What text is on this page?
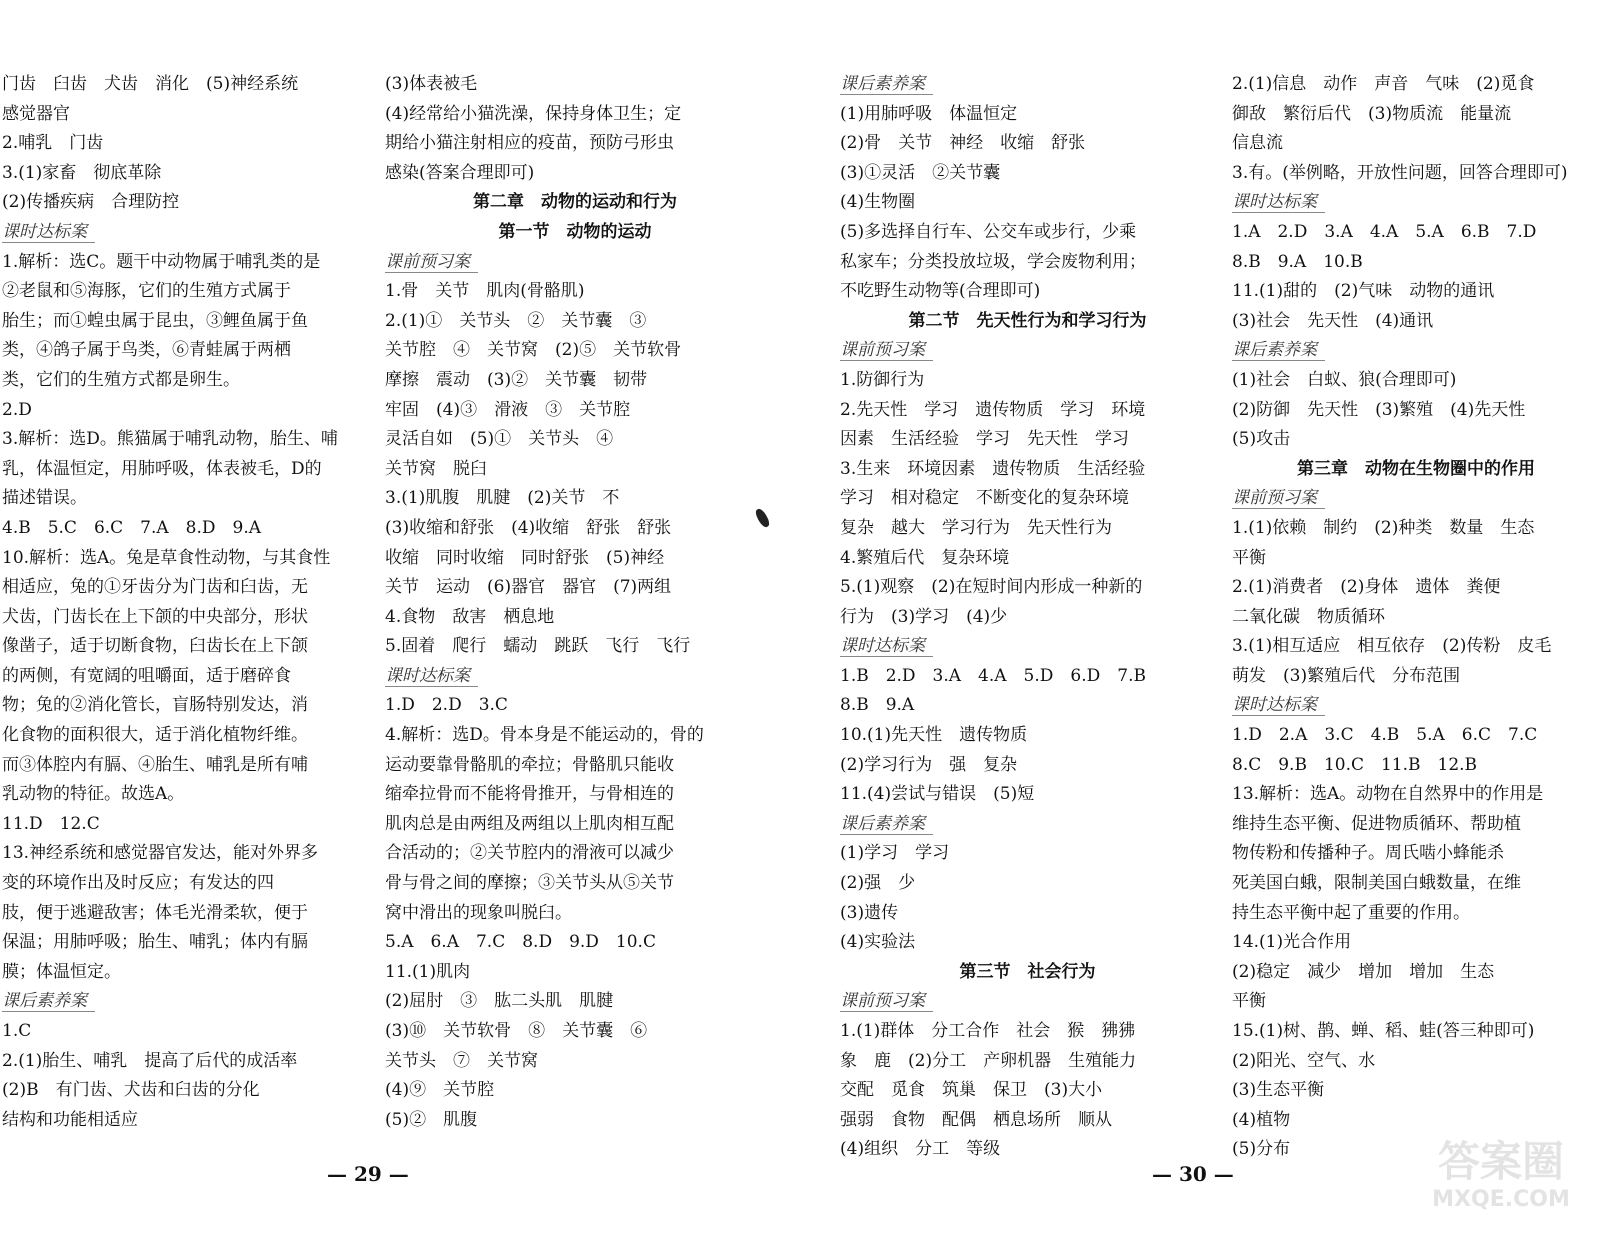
门齿　臼齿　犬齿　消化　(5)神经系统

感觉器官

2.哺乳　门齿

3.(1)家畜　彻底革除

(2)传播疾病　合理防控

课时达标案

1.解析：选C。题干中动物属于哺乳类的是

②老鼠和⑤海豚，它们的生殖方式属于

胎生；而①蝗虫属于昆虫，③鲤鱼属于鱼

类，④鸽子属于鸟类，⑥青蛙属于两栖

类，它们的生殖方式都是卵生。

2.D

3.解析：选D。熊猫属于哺乳动物，胎生、哺

乳，体温恒定，用肺呼吸，体表被毛，D的

描述错误。

4.B　5.C　6.C　7.A　8.D　9.A

10.解析：选A。兔是草食性动物，与其食性

相适应，兔的①牙齿分为门齿和臼齿，无

犬齿，门齿长在上下颌的中央部分，形状

像凿子，适于切断食物，臼齿长在上下颌

的两侧，有宽阔的咀嚼面，适于磨碎食

物；兔的②消化管长，盲肠特别发达，消

化食物的面积很大，适于消化植物纤维。

而③体腔内有膈、④胎生、哺乳是所有哺

乳动物的特征。故选A。

11.D　12.C

13.神经系统和感觉器官发达，能对外界多

变的环境作出及时反应；有发达的四

肢，便于逃避敌害；体毛光滑柔软，便于

保温；用肺呼吸；胎生、哺乳；体内有膈

膜；体温恒定。

课后素养案

1.C

2.(1)胎生、哺乳　提高了后代的成活率

(2)B　有门齿、犬齿和臼齿的分化

结构和功能相适应

(3)体表被毛

(4)经常给小猫洗澡，保持身体卫生；定

期给小猫注射相应的疫苗，预防弓形虫

感染(答案合理即可)

第二章　动物的运动和行为

第一节　动物的运动

课前预习案

1.骨　关节　肌肉(骨骼肌)

2.(1)①　关节头　②　关节囊　③

关节腔　④　关节窝　(2)⑤　关节软骨

摩擦　震动　(3)②　关节囊　韧带

牢固　(4)③　滑液　③　关节腔

灵活自如　(5)①　关节头　④

关节窝　脱臼

3.(1)肌腹　肌腱　(2)关节　不

(3)收缩和舒张　(4)收缩　舒张　舒张

收缩　同时收缩　同时舒张　(5)神经

关节　运动　(6)器官　器官　(7)两组

4.食物　敌害　栖息地

5.固着　爬行　蠕动　跳跃　飞行　飞行

课时达标案

1.D　2.D　3.C

4.解析：选D。骨本身是不能运动的，骨的

运动要靠骨骼肌的牵拉；骨骼肌只能收

缩牵拉骨而不能将骨推开，与骨相连的

肌肉总是由两组及两组以上肌肉相互配

合活动的；②关节腔内的滑液可以减少

骨与骨之间的摩擦；③关节头从⑤关节

窝中滑出的现象叫脱臼。

5.A　6.A　7.C　8.D　9.D　10.C

11.(1)肌肉

(2)屈肘　③　肱二头肌　肌腱

(3)⑩　关节软骨　⑧　关节囊　⑥

关节头　⑦　关节窝

(4)⑨　关节腔

(5)②　肌腹

课后素养案

(1)用肺呼吸　体温恒定

(2)骨　关节　神经　收缩　舒张

(3)①灵活　②关节囊

(4)生物圈

(5)多选择自行车、公交车或步行，少乘

私家车；分类投放垃圾，学会废物利用；

不吃野生动物等(合理即可)

第二节　先天性行为和学习行为

课前预习案

1.防御行为

2.先天性　学习　遗传物质　学习　环境

因素　生活经验　学习　先天性　学习

3.生来　环境因素　遗传物质　生活经验

学习　相对稳定　不断变化的复杂环境

复杂　越大　学习行为　先天性行为

4.繁殖后代　复杂环境

5.(1)观察　(2)在短时间内形成一种新的

行为　(3)学习　(4)少

课时达标案

1.B　2.D　3.A　4.A　5.D　6.D　7.B

8.B　9.A

10.(1)先天性　遗传物质

(2)学习行为　强　复杂

11.(4)尝试与错误　(5)短

课后素养案

(1)学习　学习

(2)强　少

(3)遗传

(4)实验法

第三节　社会行为

课前预习案

1.(1)群体　分工合作　社会　猴　狒狒

象　鹿　(2)分工　产卵机器　生殖能力

交配　觅食　筑巢　保卫　(3)大小

强弱　食物　配偶　栖息场所　顺从

(4)组织　分工　等级

2.(1)信息　动作　声音　气味　(2)觅食

御敌　繁衍后代　(3)物质流　能量流

信息流

3.有。(举例略，开放性问题，回答合理即可)

课时达标案

1.A　2.D　3.A　4.A　5.A　6.B　7.D

8.B　9.A　10.B

11.(1)甜的　(2)气味　动物的通讯

(3)社会　先天性　(4)通讯

课后素养案

(1)社会　白蚁、狼(合理即可)

(2)防御　先天性　(3)繁殖　(4)先天性

(5)攻击

第三章　动物在生物圈中的作用

课前预习案

1.(1)依赖　制约　(2)种类　数量　生态

平衡

2.(1)消费者　(2)身体　遗体　粪便

二氧化碳　物质循环

3.(1)相互适应　相互依存　(2)传粉　皮毛

萌发　(3)繁殖后代　分布范围

课时达标案

1.D　2.A　3.C　4.B　5.A　6.C　7.C

8.C　9.B　10.C　11.B　12.B

13.解析：选A。动物在自然界中的作用是

维持生态平衡、促进物质循环、帮助植

物传粉和传播种子。周氏啮小蜂能杀

死美国白蛾，限制美国白蛾数量，在维

持生态平衡中起了重要的作用。

14.(1)光合作用

(2)稳定　减少　增加　增加　生态

平衡

15.(1)树、鹊、蝉、稻、蛙(答三种即可)

(2)阳光、空气、水

(3)生态平衡

(4)植物

(5)分布

— 29 —	— 30 —	答案圈
MXQE.COM
